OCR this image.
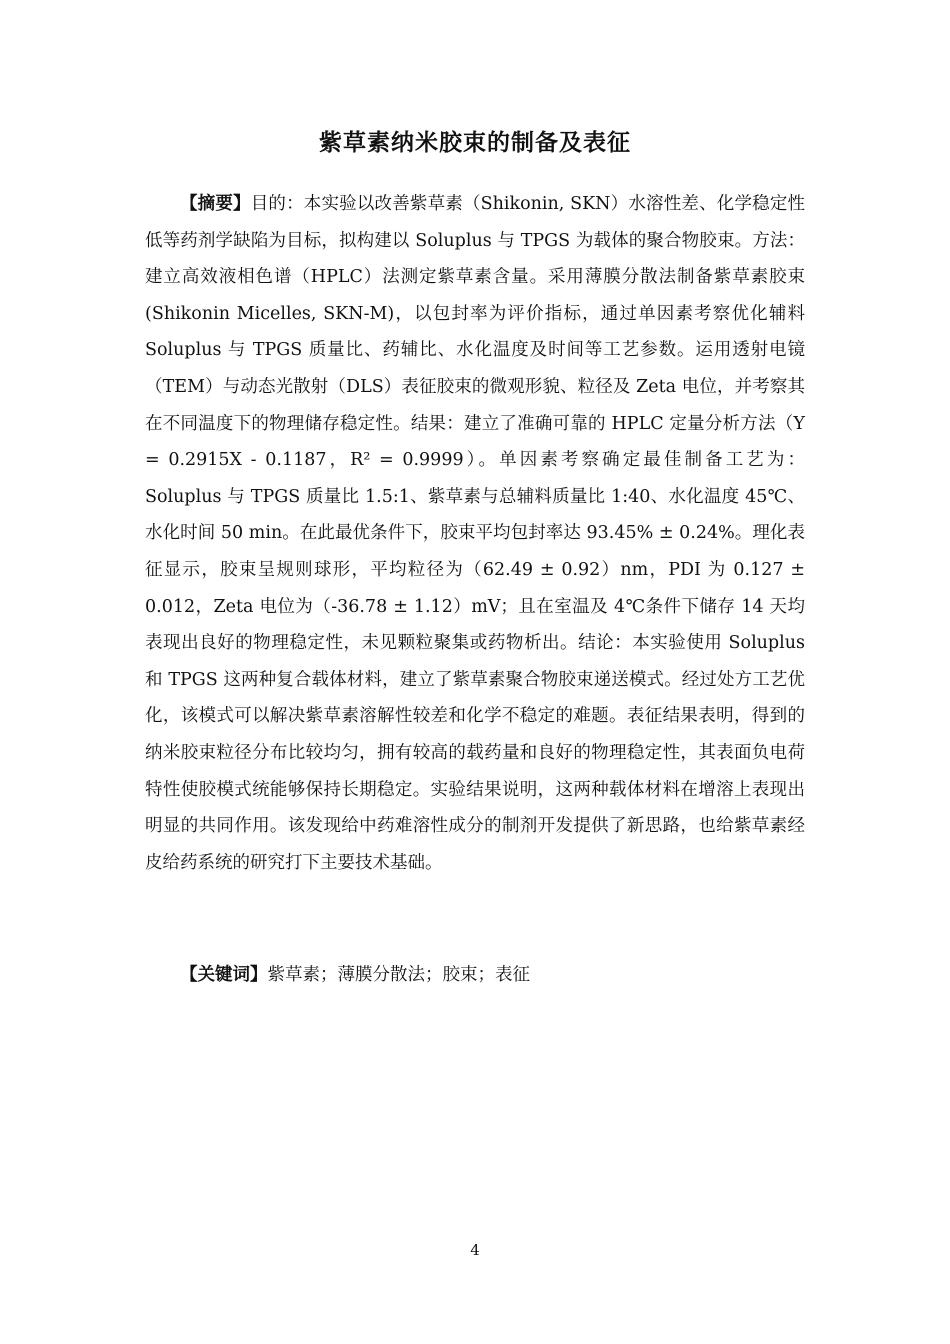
紫草素纳米胶束的制备及表征

【摘要】目的：本实验以改善紫草素（Shikonin, SKN）水溶性差、化学稳定性低等药剂学缺陷为目标，拟构建以 Soluplus 与 TPGS 为载体的聚合物胶束。方法：建立高效液相色谱（HPLC）法测定紫草素含量。采用薄膜分散法制备紫草素胶束(Shikonin Micelles, SKN-M)，以包封率为评价指标，通过单因素考察优化辅料 Soluplus 与 TPGS 质量比、药辅比、水化温度及时间等工艺参数。运用透射电镜（TEM）与动态光散射（DLS）表征胶束的微观形貌、粒径及 Zeta 电位，并考察其在不同温度下的物理储存稳定性。结果：建立了准确可靠的 HPLC 定量分析方法（Y = 0.2915X - 0.1187，R² = 0.9999）。单因素考察确定最佳制备工艺为：Soluplus 与 TPGS 质量比 1.5:1、紫草素与总辅料质量比 1:40、水化温度 45℃、水化时间 50 min。在此最优条件下，胶束平均包封率达 93.45% ± 0.24%。理化表征显示，胶束呈规则球形，平均粒径为（62.49 ± 0.92）nm，PDI 为 0.127 ± 0.012，Zeta 电位为（-36.78 ± 1.12）mV；且在室温及 4℃条件下储存 14 天均表现出良好的物理稳定性，未见颗粒聚集或药物析出。结论：本实验使用 Soluplus 和 TPGS 这两种复合载体材料，建立了紫草素聚合物胶束递送模式。经过处方工艺优化，该模式可以解决紫草素溶解性较差和化学不稳定的难题。表征结果表明，得到的纳米胶束粒径分布比较均匀，拥有较高的载药量和良好的物理稳定性，其表面负电荷特性使胶模式统能够保持长期稳定。实验结果说明，这两种载体材料在增溶上表现出明显的共同作用。该发现给中药难溶性成分的制剂开发提供了新思路，也给紫草素经皮给药系统的研究打下主要技术基础。

【关键词】紫草素；薄膜分散法；胶束；表征

4
